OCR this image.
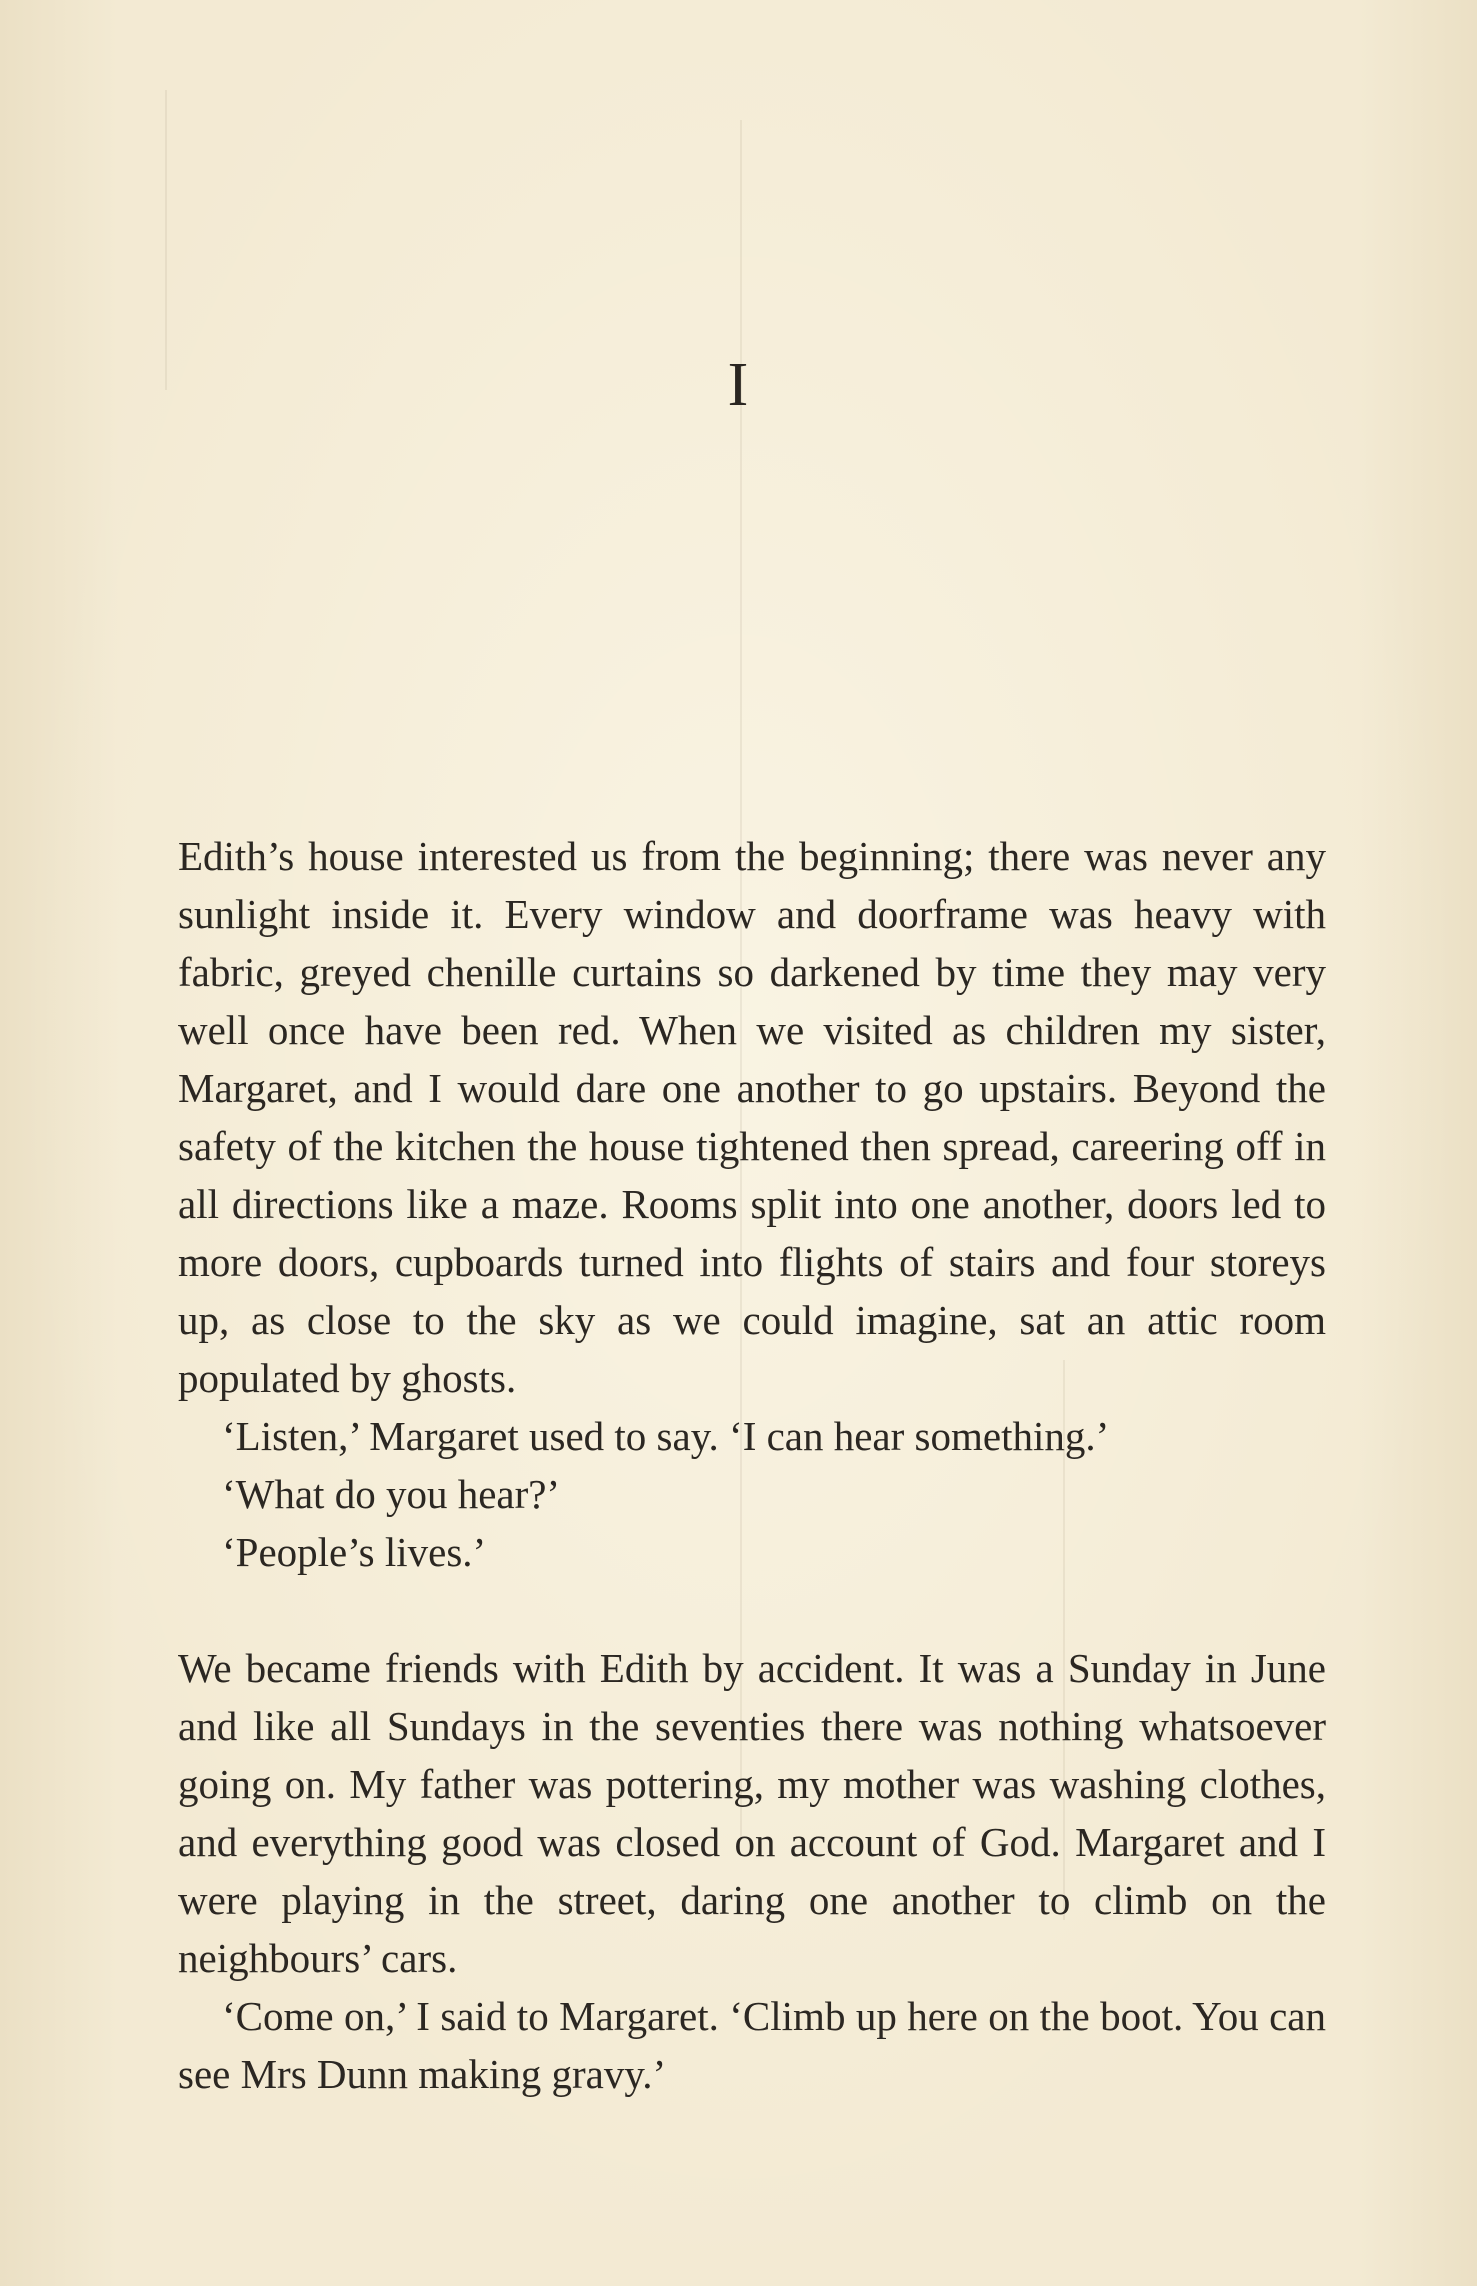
I

Edith’s house interested us from the beginning; there was never any sunlight inside it. Every window and doorframe was heavy with fabric, greyed chenille curtains so darkened by time they may very well once have been red. When we visited as children my sister, Margaret, and I would dare one another to go upstairs. Beyond the safety of the kitchen the house tightened then spread, careering off in all directions like a maze. Rooms split into one another, doors led to more doors, cupboards turned into flights of stairs and four storeys up, as close to the sky as we could imagine, sat an attic room populated by ghosts.

‘Listen,’ Margaret used to say. ‘I can hear something.’

‘What do you hear?’

‘People’s lives.’

We became friends with Edith by accident. It was a Sunday in June and like all Sundays in the seventies there was nothing whatsoever going on. My father was pottering, my mother was washing clothes, and everything good was closed on account of God. Margaret and I were playing in the street, daring one another to climb on the neighbours’ cars.

‘Come on,’ I said to Margaret. ‘Climb up here on the boot. You can see Mrs Dunn making gravy.’
